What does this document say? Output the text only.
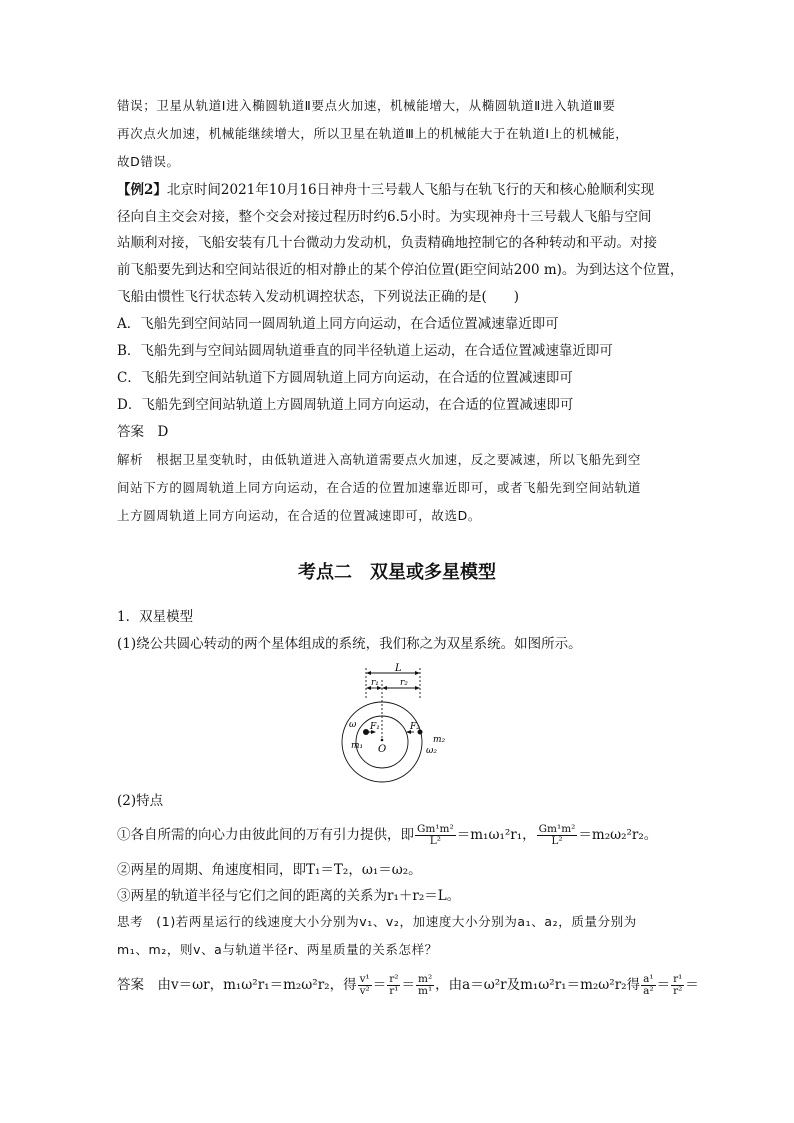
错误；卫星从轨道Ⅰ进入椭圆轨道Ⅱ要点火加速，机械能增大，从椭圆轨道Ⅱ进入轨道Ⅲ要
再次点火加速，机械能继续增大，所以卫星在轨道Ⅲ上的机械能大于在轨道Ⅰ上的机械能，
故D错误。
【例2】北京时间2021年10月16日神舟十三号载人飞船与在轨飞行的天和核心舱顺利实现
径向自主交会对接，整个交会对接过程历时约6.5小时。为实现神舟十三号载人飞船与空间
站顺利对接，飞船安装有几十台微动力发动机，负责精确地控制它的各种转动和平动。对接
前飞船要先到达和空间站很近的相对静止的某个停泊位置(距空间站200 m)。为到达这个位置，
飞船由惯性飞行状态转入发动机调控状态，下列说法正确的是(　　)
A．飞船先到空间站同一圆周轨道上同方向运动，在合适位置减速靠近即可
B．飞船先到与空间站圆周轨道垂直的同半径轨道上运动，在合适位置减速靠近即可
C．飞船先到空间站轨道下方圆周轨道上同方向运动，在合适的位置减速即可
D．飞船先到空间站轨道上方圆周轨道上同方向运动，在合适的位置减速即可
答案　D
解析　根据卫星变轨时，由低轨道进入高轨道需要点火加速，反之要减速，所以飞船先到空
间站下方的圆周轨道上同方向运动，在合适的位置加速靠近即可，或者飞船先到空间站轨道
上方圆周轨道上同方向运动，在合适的位置减速即可，故选D。
考点二　双星或多星模型
1．双星模型
(1)绕公共圆心转动的两个星体组成的系统，我们称之为双星系统。如图所示。
L
r₁ r₂
F₁	F₂
O
ω
m₁
m₂
ω₂
(2)特点
①各自所需的向心力由彼此间的万有引力提供，即 $\frac{\text{Gm¹m²}}{\text{L²}} =m_1\omega_1^2r_1$， $\frac{\text{Gm¹m²}}{\text{L²}} =m_2\omega_2^2r_2$。
②两星的周期、角速度相同，即T₁＝T₂，ω₁＝ω₂。
③两星的轨道半径与它们之间的距离的关系为r₁＋r₂＝L。
思考　(1)若两星运行的线速度大小分别为v₁、v₂，加速度大小分别为a₁、a₂，质量分别为
m₁、m₂，则v、a与轨道半径r、两星质量的关系怎样？
答案　由v＝ωr，m₁ω²r₁＝m₂ω²r₂，得 $\frac{\text{v¹}}{\text{v²}} = \frac{\text{r²}}{\text{r¹}} = \frac{\text{m²}}{\text{m¹}}$ ，由a＝ω²r及m₁ω²r₁＝m₂ω²r₂得 $\frac{\text{a¹}}{\text{a²}} = \frac{\text{r¹}}{\text{r²}}$ ＝
